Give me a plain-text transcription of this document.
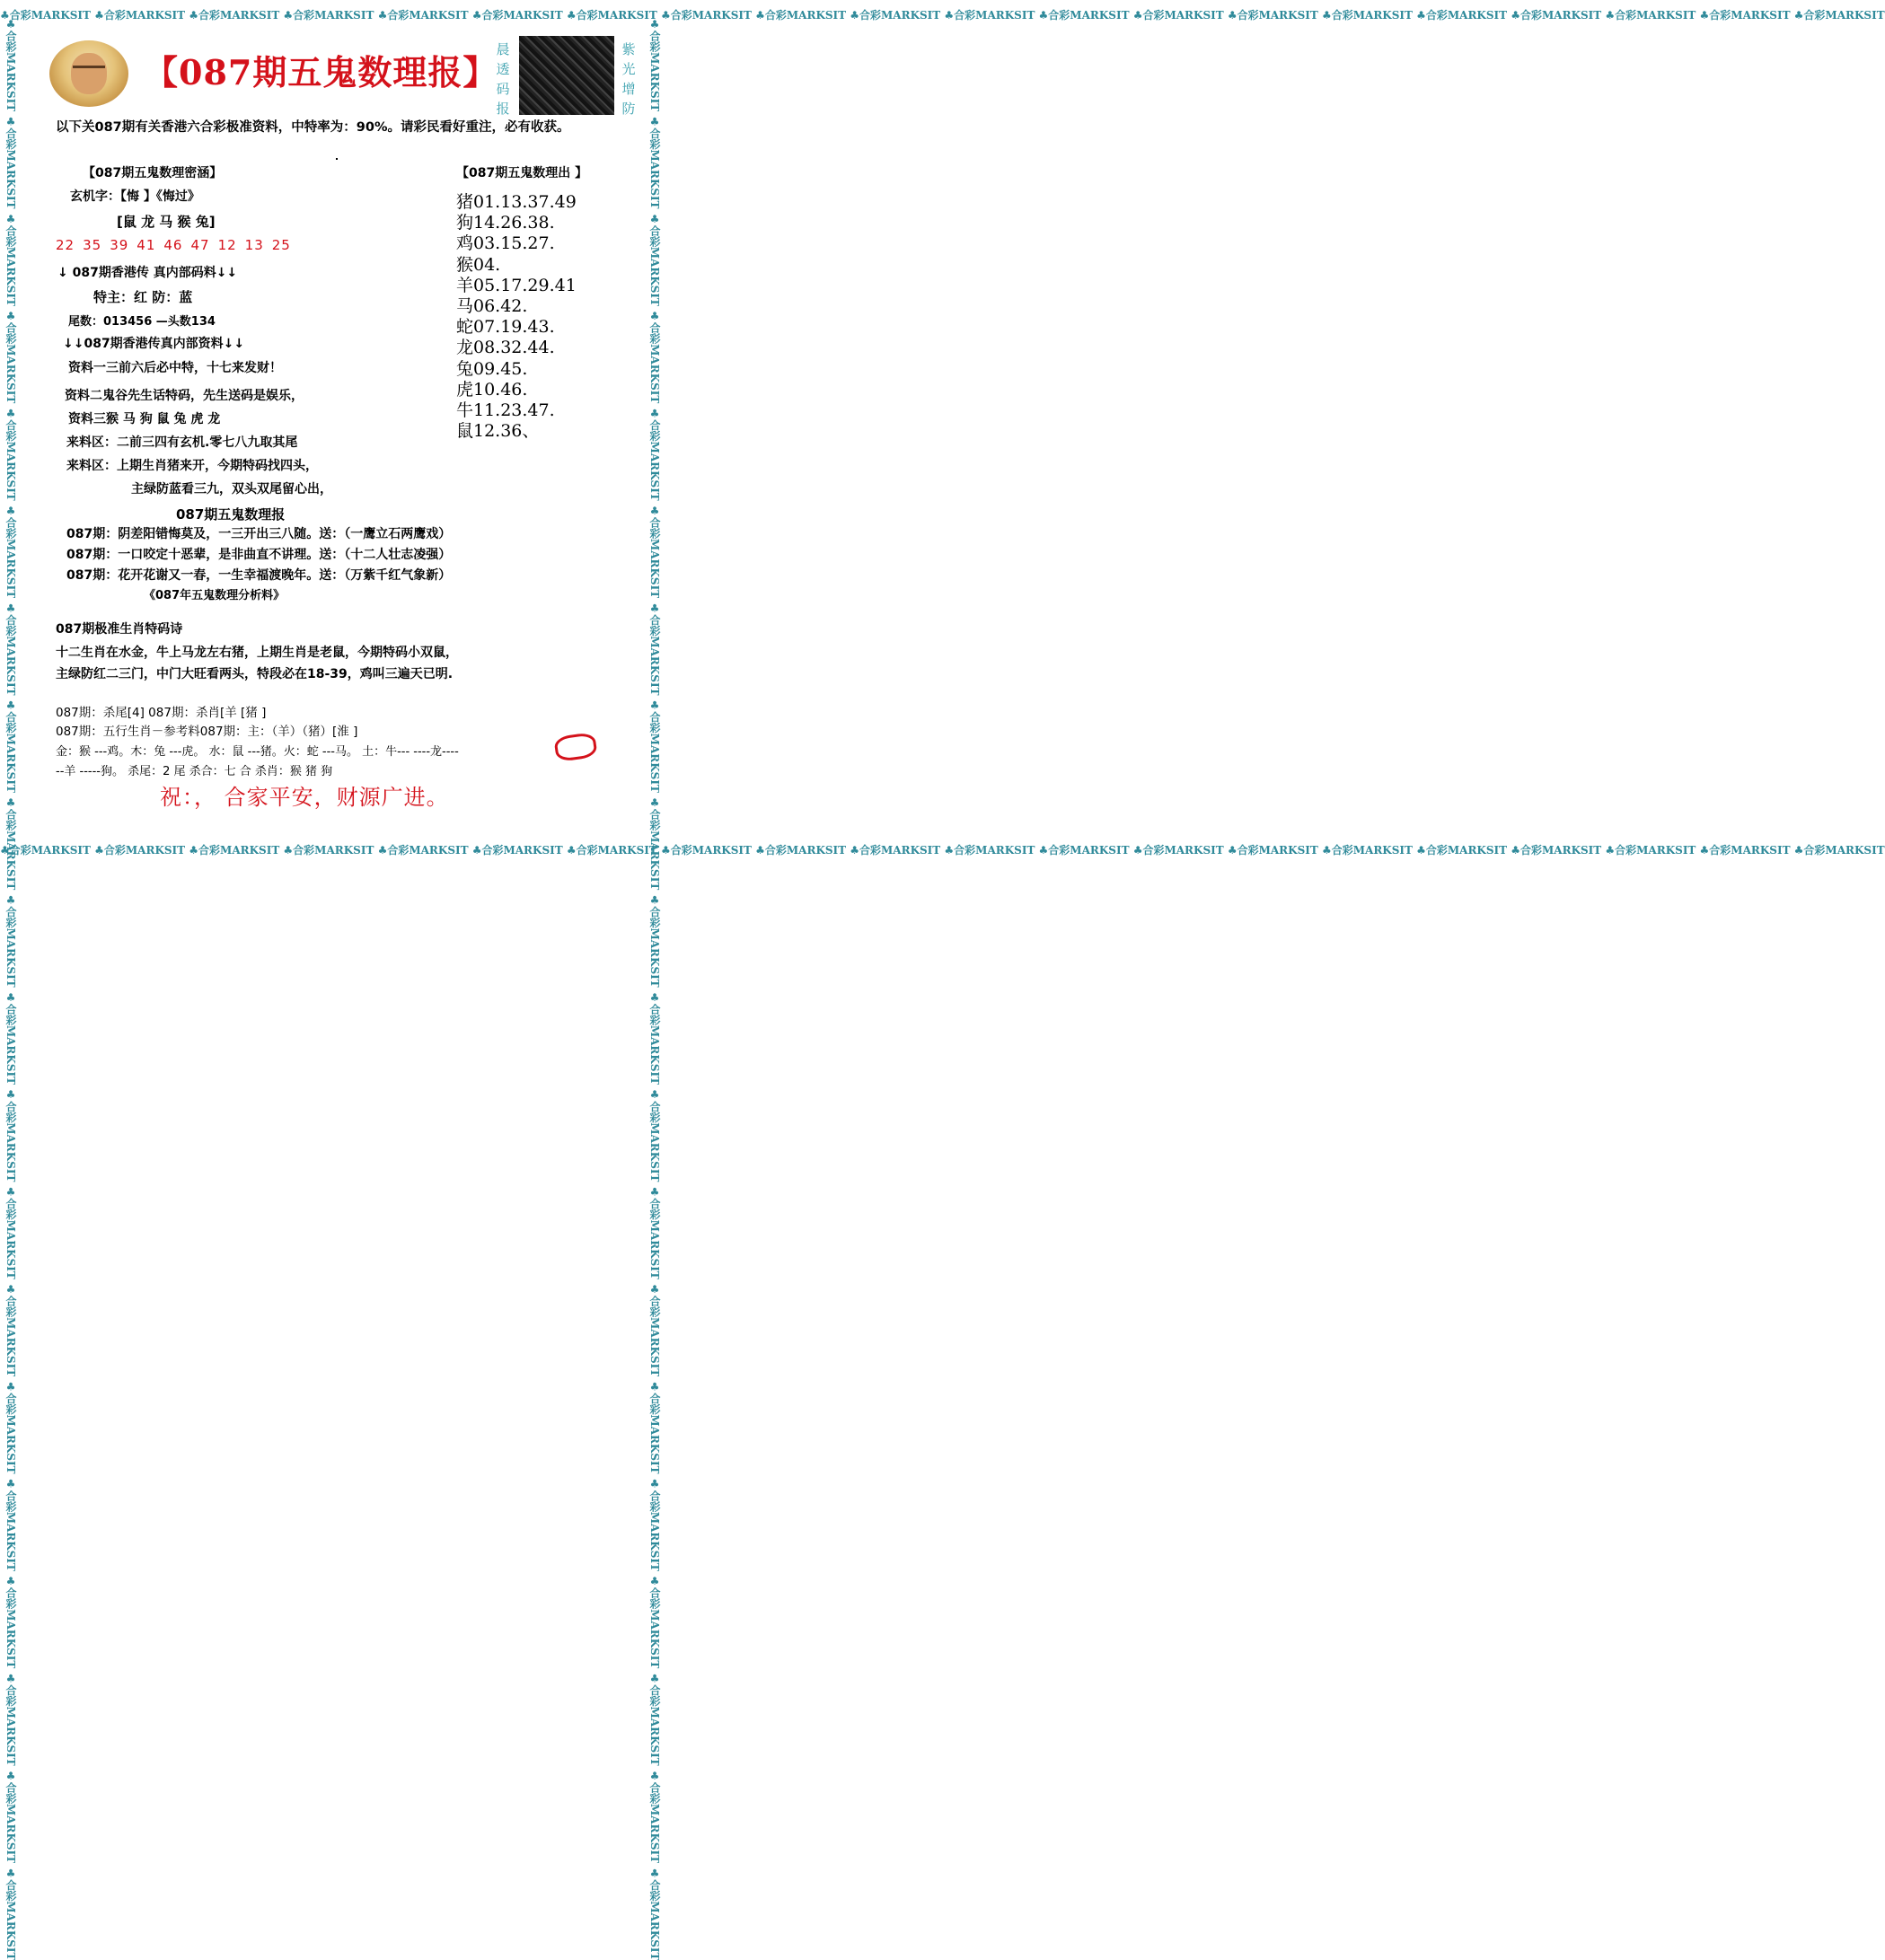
♣合彩MARKSIT ♣合彩MARKSIT ♣合彩MARKSIT ♣合彩MARKSIT ♣合彩MARKSIT ♣合彩MARKSIT ♣合彩MARKSIT ♣合彩MARKSIT ♣合彩MARKSIT ♣合彩MARKSIT ♣合彩MARKSIT ♣合彩MARKSIT ♣合彩MARKSIT ♣合彩MARKSIT ♣合彩MARKSIT ♣合彩MARKSIT ♣合彩MARKSIT ♣合彩MARKSIT ♣合彩MARKSIT ♣合彩MARKSIT
♣合彩MARKSIT ♣合彩MARKSIT ♣合彩MARKSIT ♣合彩MARKSIT ♣合彩MARKSIT ♣合彩MARKSIT ♣合彩MARKSIT ♣合彩MARKSIT ♣合彩MARKSIT ♣合彩MARKSIT ♣合彩MARKSIT ♣合彩MARKSIT ♣合彩MARKSIT ♣合彩MARKSIT ♣合彩MARKSIT ♣合彩MARKSIT ♣合彩MARKSIT ♣合彩MARKSIT ♣合彩MARKSIT ♣合彩MARKSIT
♣合彩MARKSIT ♣合彩MARKSIT ♣合彩MARKSIT ♣合彩MARKSIT ♣合彩MARKSIT ♣合彩MARKSIT ♣合彩MARKSIT ♣合彩MARKSIT ♣合彩MARKSIT ♣合彩MARKSIT ♣合彩MARKSIT ♣合彩MARKSIT ♣合彩MARKSIT ♣合彩MARKSIT ♣合彩MARKSIT ♣合彩MARKSIT ♣合彩MARKSIT ♣合彩MARKSIT ♣合彩MARKSIT ♣合彩MARKSIT	♣合彩MARKSIT ♣合彩MARKSIT ♣合彩MARKSIT ♣合彩MARKSIT ♣合彩MARKSIT ♣合彩MARKSIT ♣合彩MARKSIT ♣合彩MARKSIT ♣合彩MARKSIT ♣合彩MARKSIT ♣合彩MARKSIT ♣合彩MARKSIT ♣合彩MARKSIT ♣合彩MARKSIT ♣合彩MARKSIT ♣合彩MARKSIT ♣合彩MARKSIT ♣合彩MARKSIT ♣合彩MARKSIT ♣合彩MARKSIT
【087期五鬼数理报】
晨透码报
紫光增防
以下关087期有关香港六合彩极准资料，中特率为：90%。请彩民看好重注，必有收获。
【087期五鬼数理密涵】
玄机字：【悔 】《悔过》
[鼠 龙 马 猴 兔]
22 35 39 41 46 47 12 13 25
↓ 087期香港传 真内部码料↓↓
特主：红 防：蓝
尾数：013456 —头数134
↓↓087期香港传真内部资料↓↓
资料一三前六后必中特，十七来发财！
资料二鬼谷先生话特码，先生送码是娱乐，
资料三猴 马 狗 鼠 兔 虎 龙
来料区：二前三四有玄机.零七八九取其尾
来料区：上期生肖猪来开，今期特码找四头，
主绿防蓝看三九，双头双尾留心出，
【087期五鬼数理出 】
猪01.13.37.49
狗14.26.38.
鸡03.15.27.
猴04.
羊05.17.29.41
马06.42.
蛇07.19.43.
龙08.32.44.
兔09.45.
虎10.46.
牛11.23.47.
鼠12.36、
087期五鬼数理报
087期：阴差阳错悔莫及，一三开出三八随。送：（一鹰立石两鹰戏）
087期：一口咬定十恶辈，是非曲直不讲理。送：（十二人壮志凌强）
087期：花开花谢又一春，一生幸福渡晚年。送：（万紫千红气象新）
《087年五鬼数理分析料》
087期极准生肖特码诗
十二生肖在水金，牛上马龙左右猪，上期生肖是老鼠，今期特码小双鼠，
主绿防红二三门，中门大旺看两头，特段必在18-39，鸡叫三遍天已明.
087期：杀尾[4] 087期：杀肖[羊 [猪 ]
087期：五行生肖－参考料087期：主：（羊）（猪）[淮 ]
金：猴 ---鸡。木：兔 ---虎。 水：鼠 ---猪。火：蛇 ---马。 土：牛--- ----龙----
--羊 -----狗。 杀尾：2 尾 杀合：七 合 杀肖：猴 猪 狗
祝：， 合家平安，财源广进。
